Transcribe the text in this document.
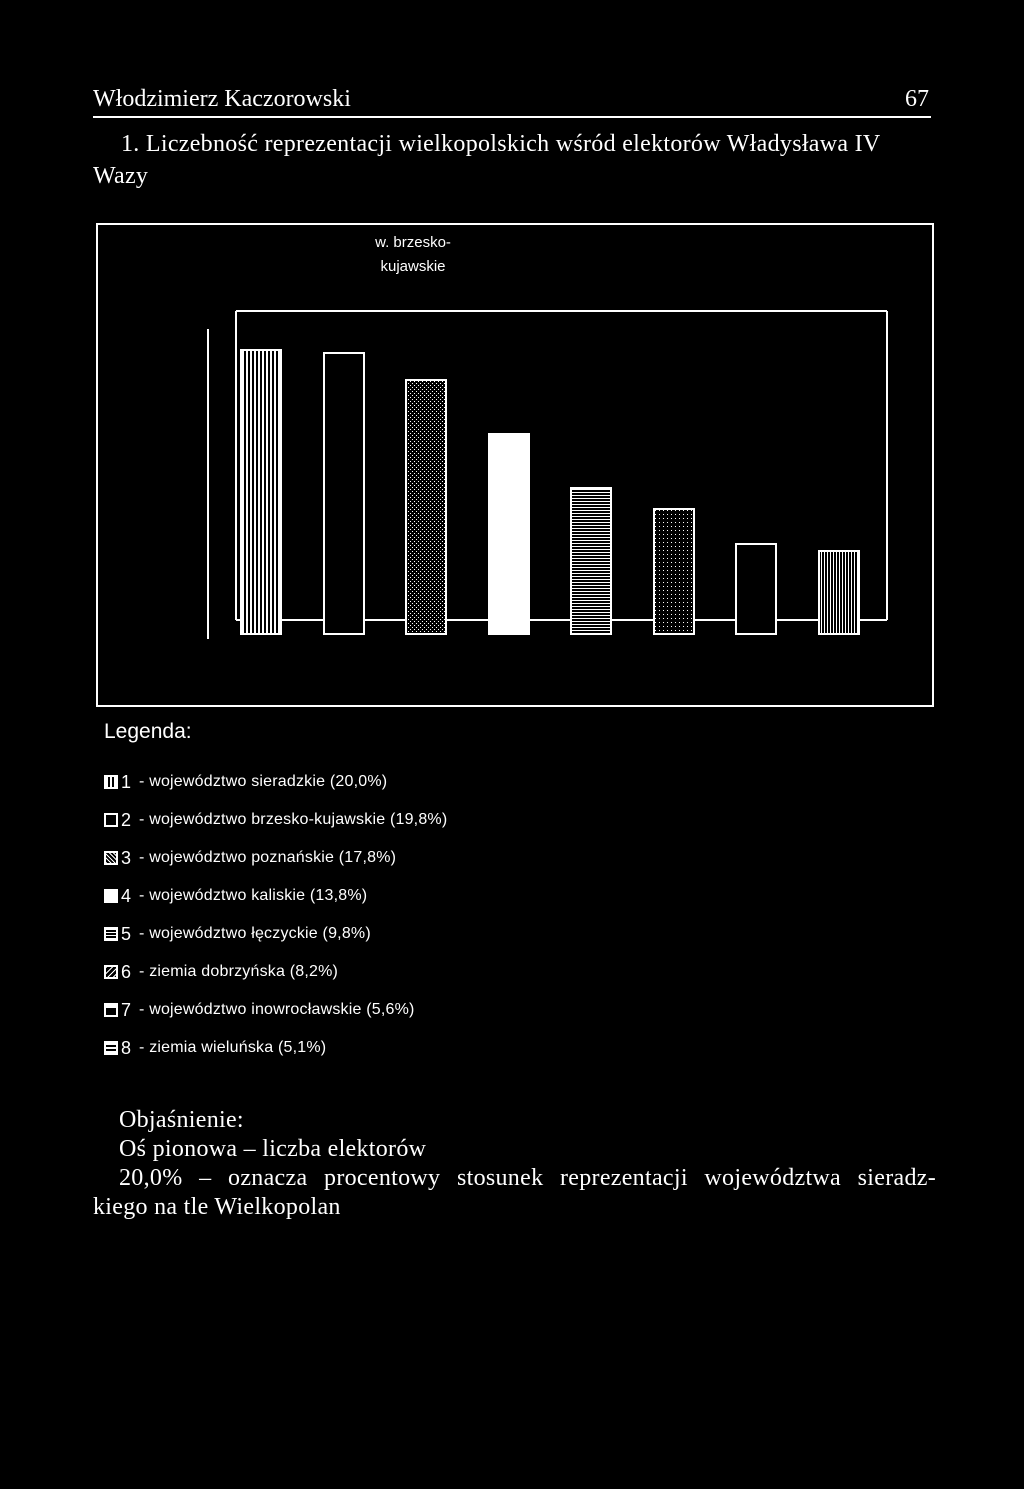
Włodzimierz Kaczorowski	67
1. Liczebność reprezentacji wielkopolskich wśród elektorów Władysława IV Wazy
w. brzesko-
kujawskie
Legenda:
1 - województwo sieradzkie (20,0%)
2 - województwo brzesko-kujawskie (19,8%)
3 - województwo poznańskie (17,8%)
4 - województwo kaliskie (13,8%)
5 - województwo łęczyckie (9,8%)
6 - ziemia dobrzyńska (8,2%)
7 - województwo inowrocławskie (5,6%)
8 - ziemia wieluńska (5,1%)
Objaśnienie:
Oś pionowa – liczba elektorów
20,0% – oznacza procentowy stosunek reprezentacji województwa sieradz-
kiego na tle Wielkopolan
